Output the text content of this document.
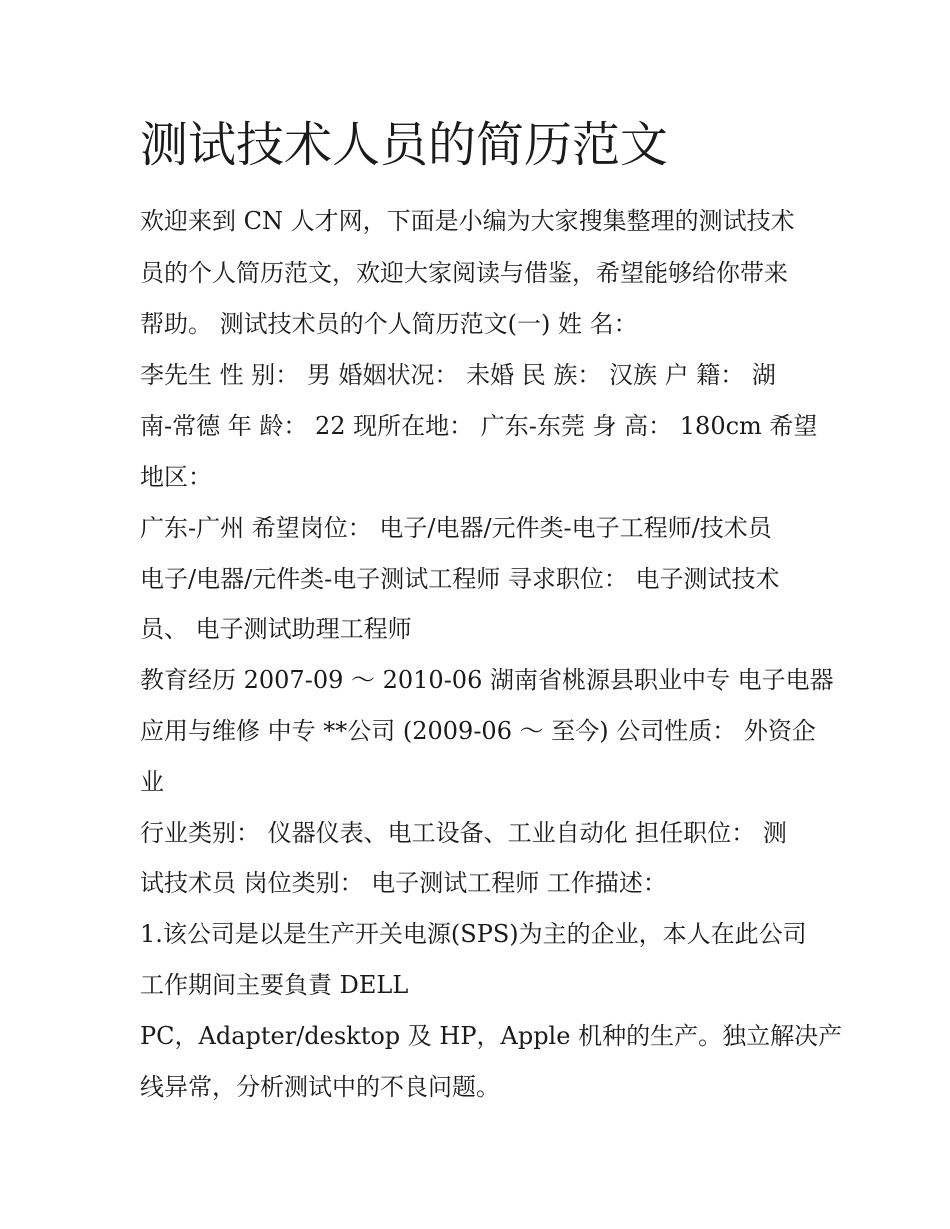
测试技术人员的简历范文

欢迎来到 CN 人才网，下面是小编为大家搜集整理的测试技术

员的个人简历范文，欢迎大家阅读与借鉴，希望能够给你带来

帮助。 测试技术员的个人简历范文(一) 姓 名：

李先生 性 别： 男 婚姻状况： 未婚 民 族： 汉族 户 籍： 湖

南-常德 年 龄： 22 现所在地： 广东-东莞 身 高： 180cm 希望

地区：

广东-广州 希望岗位： 电子/电器/元件类-电子工程师/技术员

电子/电器/元件类-电子测试工程师 寻求职位： 电子测试技术

员、 电子测试助理工程师

教育经历 2007-09 ～ 2010-06 湖南省桃源县职业中专 电子电器

应用与维修 中专 **公司 (2009-06 ～ 至今) 公司性质： 外资企

业

行业类别： 仪器仪表、电工设备、工业自动化 担任职位： 测

试技术员 岗位类别： 电子测试工程师 工作描述：

1.该公司是以是生产开关电源(SPS)为主的企业，本人在此公司

工作期间主要負責 DELL

PC，Adapter/desktop 及 HP，Apple 机种的生产。独立解决产

线异常，分析测试中的不良问题。
